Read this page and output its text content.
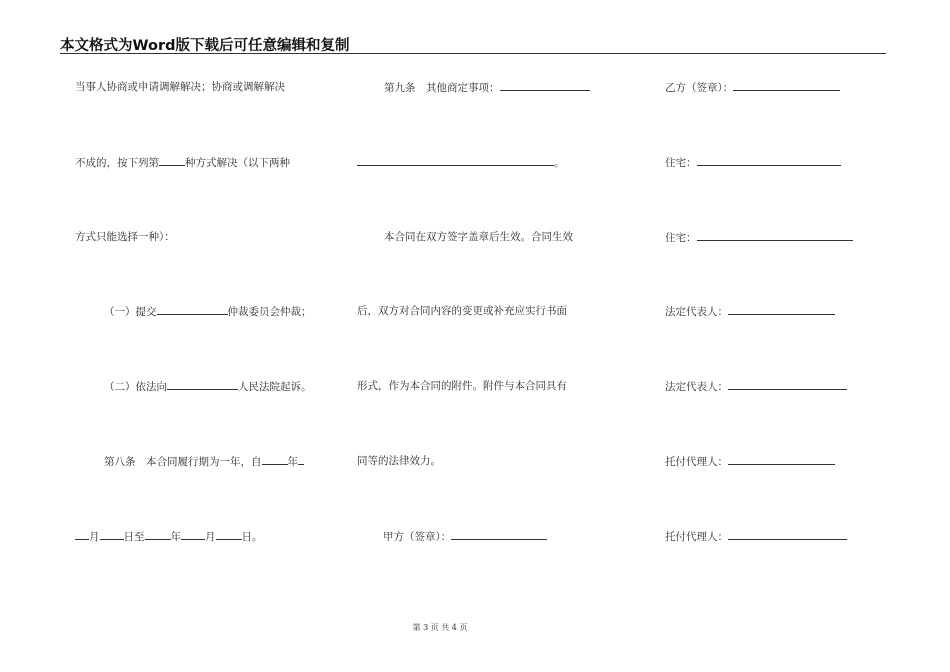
本文格式为Word版下载后可任意编辑和复制
当事人协商或申请调解解决；协商或调解解决
不成的，按下列第 种方式解决（以下两种
方式只能选择一种）：
（一）提交	仲裁委员会仲裁；
（二）依法向	人民法院起诉。
第八条　本合同履行期为一年，自 年
月 日至 年 月 日。
第九条　其他商定事项：
。
本合同在双方签字盖章后生效。合同生效
后，双方对合同内容的变更或补充应实行书面
形式，作为本合同的附件。附件与本合同具有
同等的法律效力。
甲方（签章）：
乙方（签章）：
住宅：
住宅：
法定代表人：
法定代表人：
托付代理人：
托付代理人：
第 3 页 共 4 页
